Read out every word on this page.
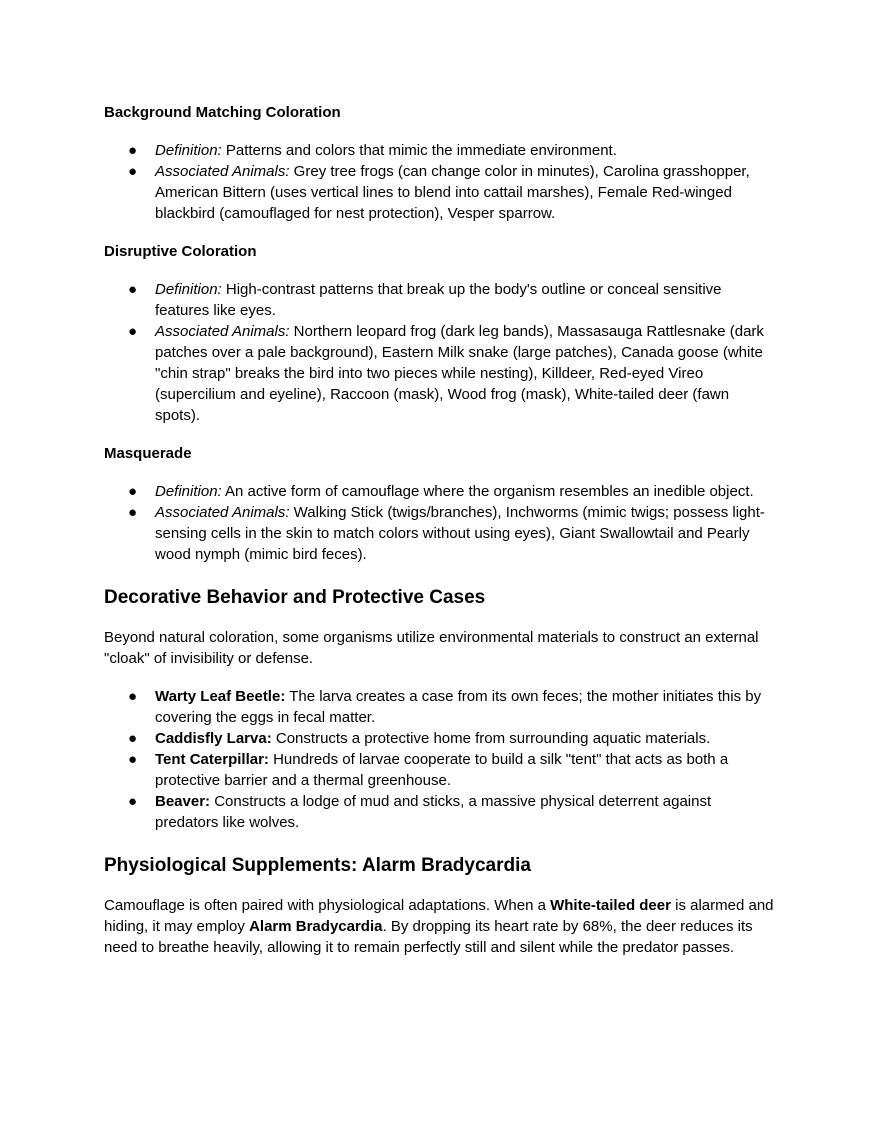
Background Matching Coloration
● Definition: Patterns and colors that mimic the immediate environment.
● Associated Animals: Grey tree frogs (can change color in minutes), Carolina grasshopper, American Bittern (uses vertical lines to blend into cattail marshes), Female Red-winged blackbird (camouflaged for nest protection), Vesper sparrow.
Disruptive Coloration
● Definition: High-contrast patterns that break up the body's outline or conceal sensitive features like eyes.
● Associated Animals: Northern leopard frog (dark leg bands), Massasauga Rattlesnake (dark patches over a pale background), Eastern Milk snake (large patches), Canada goose (white "chin strap" breaks the bird into two pieces while nesting), Killdeer, Red-eyed Vireo (supercilium and eyeline), Raccoon (mask), Wood frog (mask), White-tailed deer (fawn spots).
Masquerade
● Definition: An active form of camouflage where the organism resembles an inedible object.
● Associated Animals: Walking Stick (twigs/branches), Inchworms (mimic twigs; possess light-sensing cells in the skin to match colors without using eyes), Giant Swallowtail and Pearly wood nymph (mimic bird feces).
Decorative Behavior and Protective Cases

Beyond natural coloration, some organisms utilize environmental materials to construct an external "cloak" of invisibility or defense.

● Warty Leaf Beetle: The larva creates a case from its own feces; the mother initiates this by covering the eggs in fecal matter.
● Caddisfly Larva: Constructs a protective home from surrounding aquatic materials.
● Tent Caterpillar: Hundreds of larvae cooperate to build a silk "tent" that acts as both a protective barrier and a thermal greenhouse.
● Beaver: Constructs a lodge of mud and sticks, a massive physical deterrent against predators like wolves.
Physiological Supplements: Alarm Bradycardia

Camouflage is often paired with physiological adaptations. When a White-tailed deer is alarmed and hiding, it may employ Alarm Bradycardia. By dropping its heart rate by 68%, the deer reduces its need to breathe heavily, allowing it to remain perfectly still and silent while the predator passes.
